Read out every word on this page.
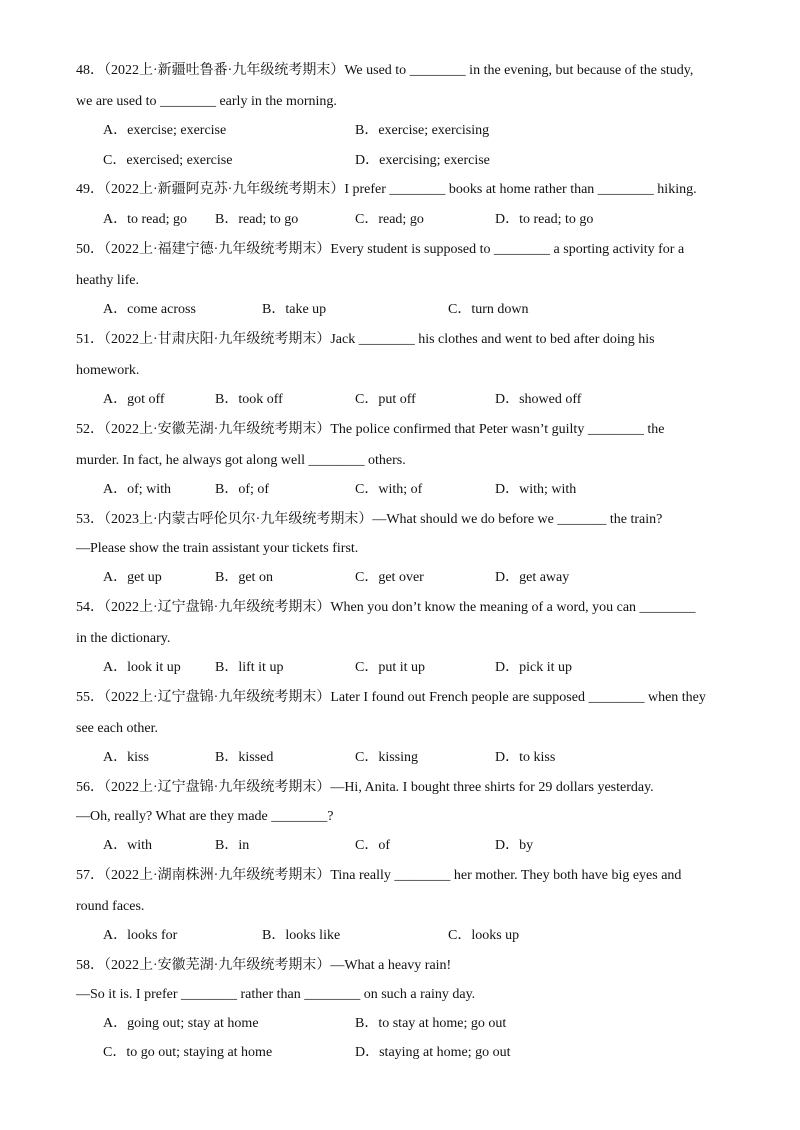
48．（2022上·新疆吐鲁番·九年级统考期末）We used to ________ in the evening, but because of the study,
we are used to ________ early in the morning.
A．exercise; exercise	B．exercise; exercising
C．exercised; exercise	D．exercising; exercise
49．（2022上·新疆阿克苏·九年级统考期末）I prefer ________ books at home rather than ________ hiking.
A．to read; go B．read; to go	C．read; go	D．to read; to go
50．（2022上·福建宁德·九年级统考期末）Every student is supposed to ________ a sporting activity for a
heathy life.
A．come across	B．take up	C．turn down
51．（2022上·甘肃庆阳·九年级统考期末）Jack ________ his clothes and went to bed after doing his
homework.
A．got off	B．took off	C．put off	D．showed off
52．（2022上·安徽芜湖·九年级统考期末）The police confirmed that Peter wasn’t guilty ________ the
murder. In fact, he always got along well ________ others.
A．of; with	B．of; of	C．with; of	D．with; with
53．（2023上·内蒙古呼伦贝尔·九年级统考期末）—What should we do before we _______ the train?
—Please show the train assistant your tickets first.
A．get up	B．get on	C．get over	D．get away
54．（2022上·辽宁盘锦·九年级统考期末）When you don’t know the meaning of a word, you can ________
in the dictionary.
A．look it up B．lift it up	C．put it up	D．pick it up
55．（2022上·辽宁盘锦·九年级统考期末）Later I found out French people are supposed ________ when they
see each other.
A．kiss	B．kissed	C．kissing	D．to kiss
56．（2022上·辽宁盘锦·九年级统考期末）—Hi, Anita. I bought three shirts for 29 dollars yesterday.
—Oh, really? What are they made ________?
A．with	B．in	C．of	D．by
57．（2022上·湖南株洲·九年级统考期末）Tina really ________ her mother. They both have big eyes and
round faces.
A．looks for	B．looks like	C．looks up
58．（2022上·安徽芜湖·九年级统考期末）—What a heavy rain!
—So it is. I prefer ________ rather than ________ on such a rainy day.
A．going out; stay at home	B．to stay at home; go out
C．to go out; staying at home	D．staying at home; go out
